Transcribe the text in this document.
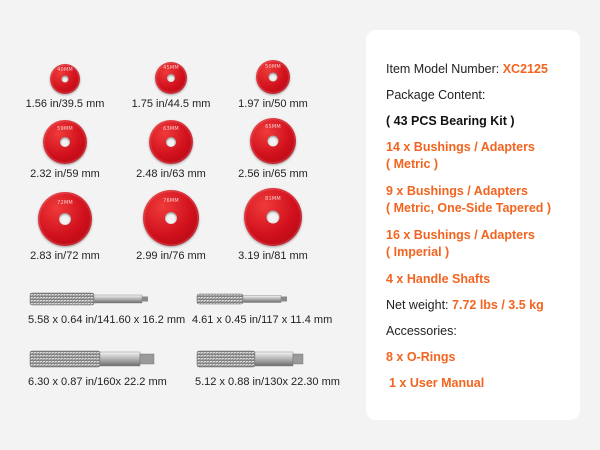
40MM
1.56 in/39.5 mm
45MM
1.75 in/44.5 mm
50MM
1.97 in/50 mm
59MM
2.32 in/59 mm
63MM
2.48 in/63 mm
65MM
2.56 in/65 mm
72MM
2.83 in/72 mm
76MM
2.99 in/76 mm
81MM
3.19 in/81 mm
5.58 x 0.64 in/141.60 x 16.2 mm 4.61 x 0.45 in/117 x 11.4 mm
6.30 x 0.87 in/160x 22.2 mm	5.12 x 0.88 in/130x 22.30 mm
Item Model Number: XC2125
Package Content:
( 43 PCS Bearing Kit )
14 x Bushings / Adapters
( Metric )
9 x Bushings / Adapters
( Metric, One-Side Tapered )
16 x Bushings / Adapters
( Imperial )
4 x Handle Shafts
Net weight: 7.72 lbs / 3.5 kg
Accessories:
8 x O-Rings
1 x User Manual
